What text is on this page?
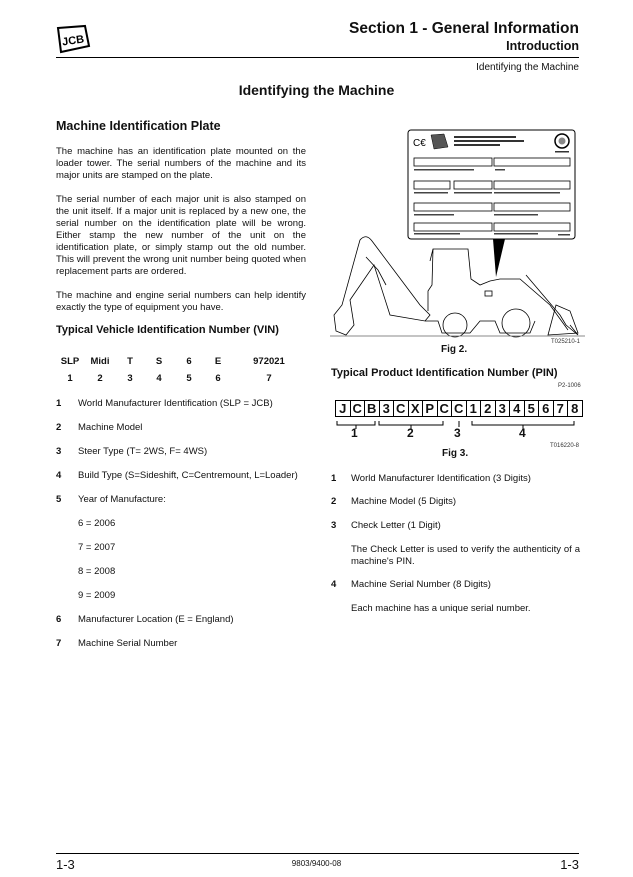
JCB
Section 1 - General Information
Introduction
Identifying the Machine
Identifying the Machine
Machine Identification Plate
The machine has an identification plate mounted on the loader tower. The serial numbers of the machine and its major units are stamped on the plate.
The serial number of each major unit is also stamped on the unit itself. If a major unit is replaced by a new one, the serial number on the identification plate will be wrong. Either stamp the new number of the unit on the identification plate, or simply stamp out the old number. This will prevent the wrong unit number being quoted when replacement parts are ordered.
The machine and engine serial numbers can help identify exactly the type of equipment you have.
Typical Vehicle Identification Number (VIN)
SLP	Midi	T	S	6	E	972021
1	2	3	4	5	6	7
1 World Manufacturer Identification (SLP = JCB)
2 Machine Model
3 Steer Type (T= 2WS, F= 4WS)
4 Build Type (S=Sideshift, C=Centremount, L=Loader)
5 Year of Manufacture:
6 = 2006
7 = 2007
8 = 2008
9 = 2009
6 Manufacturer Location (E = England)
7 Machine Serial Number
C€
T025210-1
Fig 2.
Typical Product Identification Number (PIN)
P2-1006
J C B 3 C X P C C 1 2 3 4 5 6 7 8
1	2	3	4
T016220-8
Fig 3.
1 World Manufacturer Identification (3 Digits)
2 Machine Model (5 Digits)
3 Check Letter (1 Digit)
The Check Letter is used to verify the authenticity of a machine's PIN.
4 Machine Serial Number (8 Digits)
Each machine has a unique serial number.
1-3	9803/9400-08	1-3
